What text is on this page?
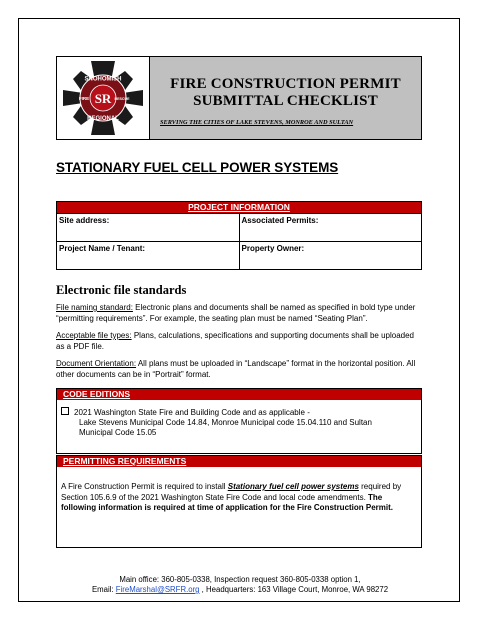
SR
SNOHOMISH
REGIONAL
FIRE	RESCUE
FIRE CONSTRUCTION PERMIT
SUBMITTAL CHECKLIST
SERVING THE CITIES OF LAKE STEVENS, MONROE AND SULTAN
STATIONARY FUEL CELL POWER SYSTEMS
PROJECT INFORMATION
Site address:	Associated Permits:
Project Name / Tenant:	Property Owner:
Electronic file standards
File naming standard: Electronic plans and documents shall be named as specified in bold type under “permitting requirements”. For example, the seating plan must be named “Seating Plan”.
Acceptable file types: Plans, calculations, specifications and supporting documents shall be uploaded as a PDF file.
Document Orientation: All plans must be uploaded in “Landscape” format in the horizontal position. All other documents can be in “Portrait” format.
CODE EDITIONS
2021 Washington State Fire and Building Code and as applicable -
Lake Stevens Municipal Code 14.84, Monroe Municipal code 15.04.110 and Sultan
Municipal Code 15.05
PERMITTING REQUIREMENTS
A Fire Construction Permit is required to install Stationary fuel cell power systems required by Section 105.6.9 of the 2021 Washington State Fire Code and local code amendments. The following information is required at time of application for the Fire Construction Permit.
Main office: 360-805-0338, Inspection request 360-805-0338 option 1,
Email: FireMarshal@SRFR.org , Headquarters: 163 Village Court, Monroe, WA 98272
